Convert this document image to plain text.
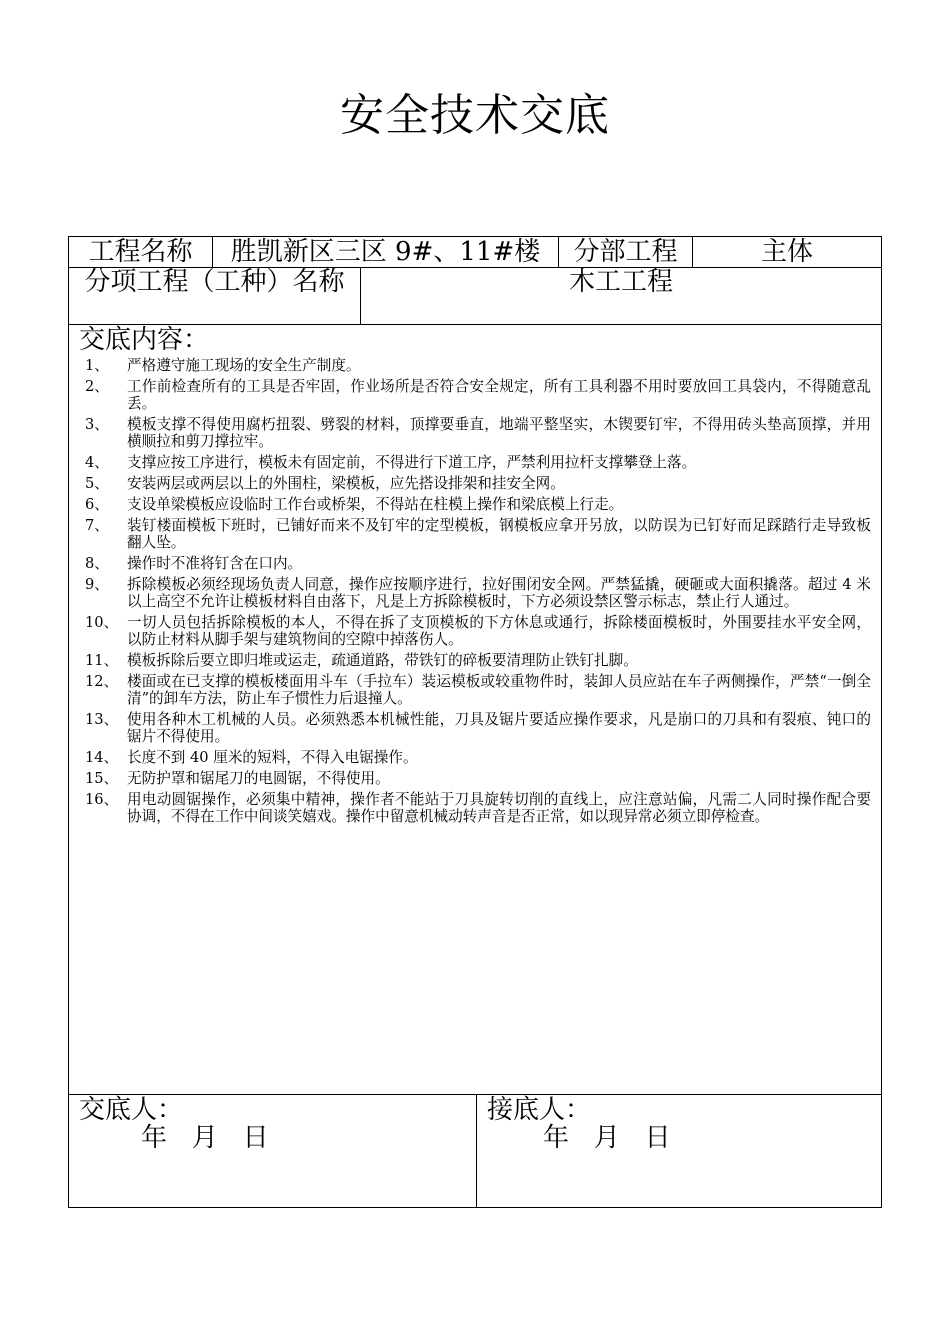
安全技术交底
工程名称	胜凯新区三区 9#、11#楼	分部工程	主体
分项工程（工种）名称	木工工程
交底内容：
1、	严格遵守施工现场的安全生产制度。
2、	工作前检查所有的工具是否牢固，作业场所是否符合安全规定，所有工具利器不用时要放回工具袋内，不得随意乱丢。
3、	模板支撑不得使用腐朽扭裂、劈裂的材料，顶撑要垂直，地端平整坚实，木锲要钉牢，不得用砖头垫高顶撑，并用横顺拉和剪刀撑拉牢。
4、	支撑应按工序进行，模板未有固定前，不得进行下道工序，严禁利用拉杆支撑攀登上落。
5、	安装两层或两层以上的外围柱，梁模板，应先搭设排架和挂安全网。
6、	支设单梁模板应设临时工作台或桥架，不得站在柱模上操作和梁底模上行走。
7、	装钉楼面模板下班时，已铺好而来不及钉牢的定型模板，钢模板应拿开另放，以防误为已钉好而足踩踏行走导致板翻人坠。
8、	操作时不准将钉含在口内。
9、	拆除模板必须经现场负责人同意，操作应按顺序进行，拉好围闭安全网。严禁猛撬，硬砸或大面积撬落。超过 4 米以上高空不允许让模板材料自由落下，凡是上方拆除模板时，下方必须设禁区警示标志，禁止行人通过。
10、 一切人员包括拆除模板的本人，不得在拆了支顶模板的下方休息或通行，拆除楼面模板时，外围要挂水平安全网，以防止材料从脚手架与建筑物间的空隙中掉落伤人。
11、 模板拆除后要立即归堆或运走，疏通道路，带铁钉的碎板要清理防止铁钉扎脚。
12、 楼面或在已支撑的模板楼面用斗车（手拉车）装运模板或较重物件时，装卸人员应站在车子两侧操作，严禁“一倒全清”的卸车方法，防止车子惯性力后退撞人。
13、 使用各种木工机械的人员。必须熟悉本机械性能，刀具及锯片要适应操作要求，凡是崩口的刀具和有裂痕、钝口的锯片不得使用。
14、 长度不到 40 厘米的短料，不得入电锯操作。
15、 无防护罩和锯尾刀的电圆锯，不得使用。
16、 用电动圆锯操作，必须集中精神，操作者不能站于刀具旋转切削的直线上，应注意站偏，凡需二人同时操作配合要协调，不得在工作中间谈笑嬉戏。操作中留意机械动转声音是否正常，如以现异常必须立即停检查。
交底人：
年   月   日
接底人：
年   月   日
